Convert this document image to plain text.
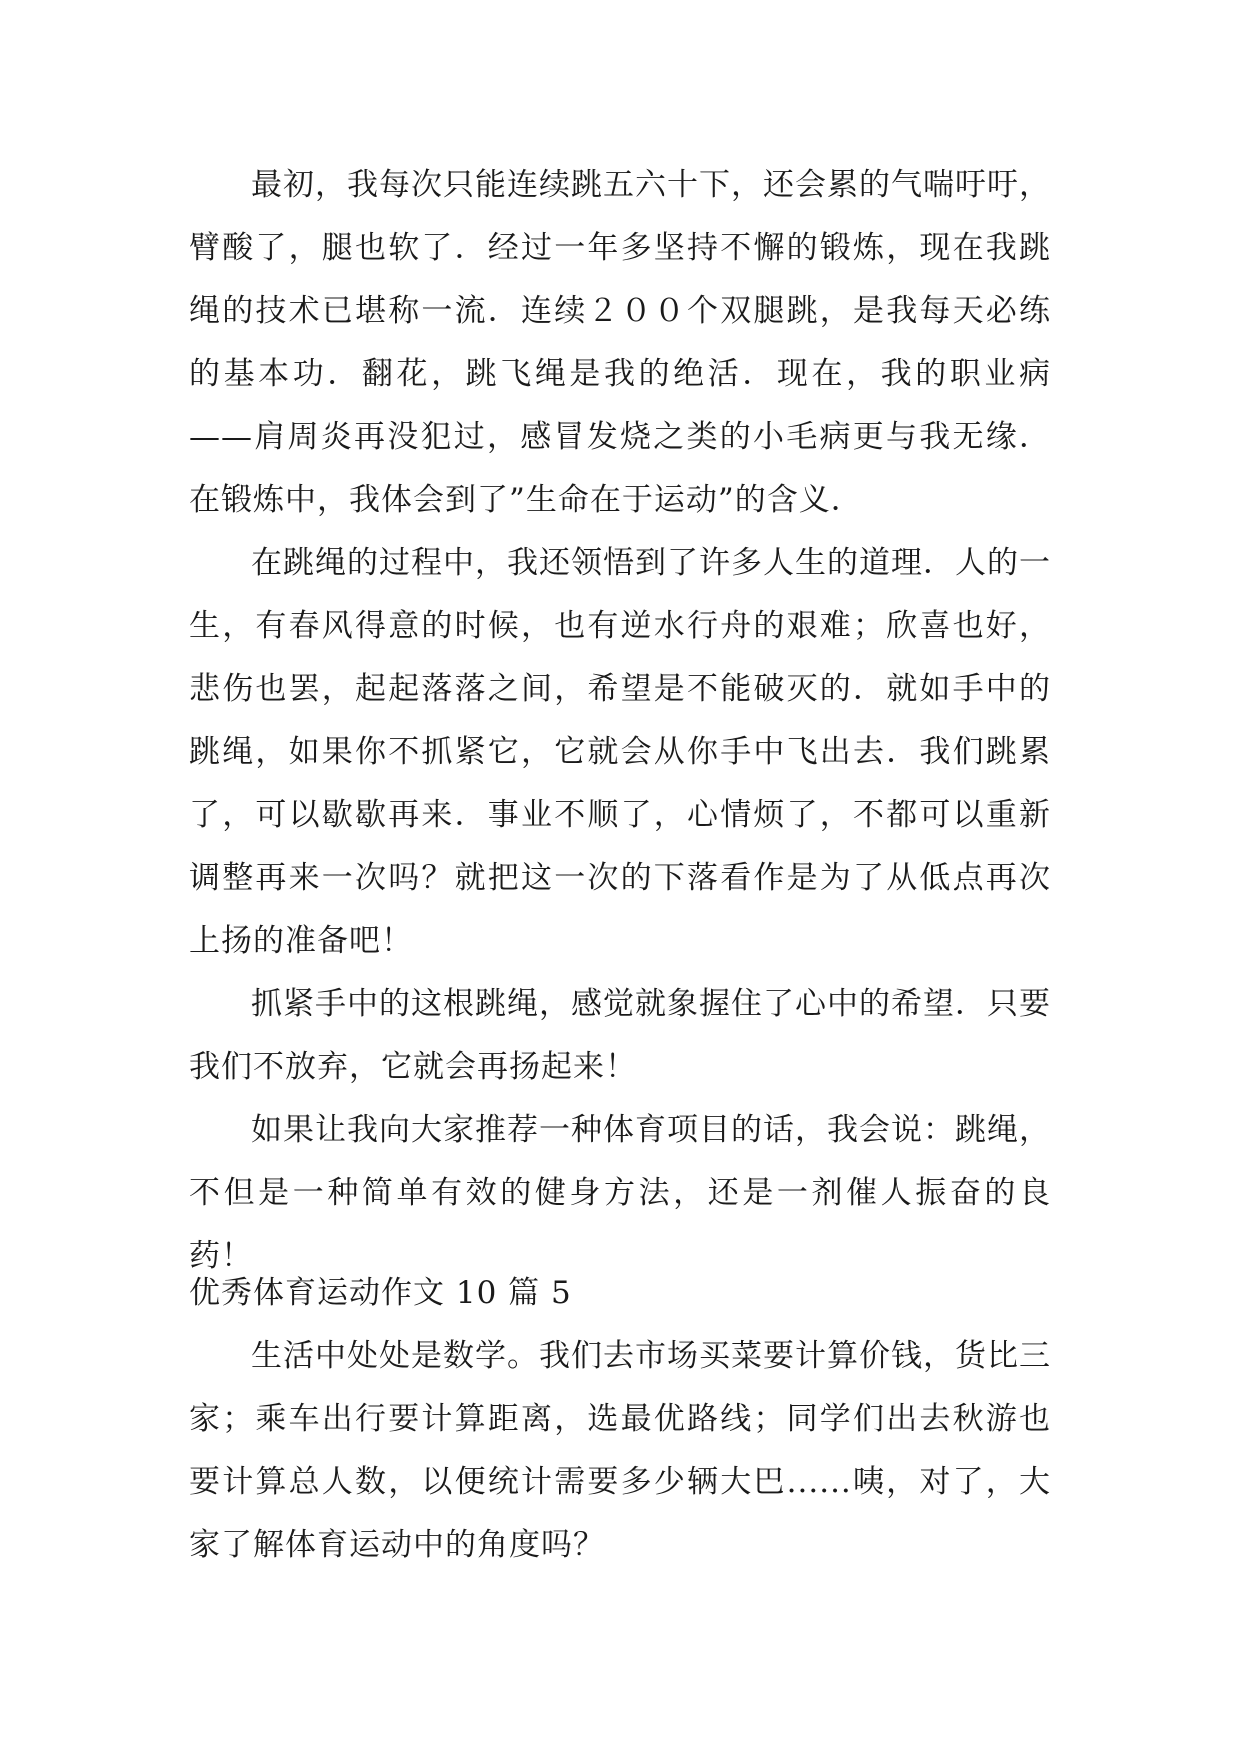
最初，我每次只能连续跳五六十下，还会累的气喘吁吁，臂酸了，腿也软了．经过一年多坚持不懈的锻炼，现在我跳绳的技术已堪称一流．连续２００个双腿跳，是我每天必练的基本功．翻花，跳飞绳是我的绝活．现在，我的职业病——肩周炎再没犯过，感冒发烧之类的小毛病更与我无缘．在锻炼中，我体会到了”生命在于运动”的含义．

在跳绳的过程中，我还领悟到了许多人生的道理．人的一生，有春风得意的时候，也有逆水行舟的艰难；欣喜也好，悲伤也罢，起起落落之间，希望是不能破灭的．就如手中的跳绳，如果你不抓紧它，它就会从你手中飞出去．我们跳累了，可以歇歇再来．事业不顺了，心情烦了，不都可以重新调整再来一次吗？就把这一次的下落看作是为了从低点再次上扬的准备吧！

抓紧手中的这根跳绳，感觉就象握住了心中的希望．只要我们不放弃，它就会再扬起来！

如果让我向大家推荐一种体育项目的话，我会说：跳绳，不但是一种简单有效的健身方法，还是一剂催人振奋的良药！

优秀体育运动作文 10 篇 5

生活中处处是数学。我们去市场买菜要计算价钱，货比三家；乘车出行要计算距离，选最优路线；同学们出去秋游也要计算总人数，以便统计需要多少辆大巴......咦，对了，大家了解体育运动中的角度吗？
